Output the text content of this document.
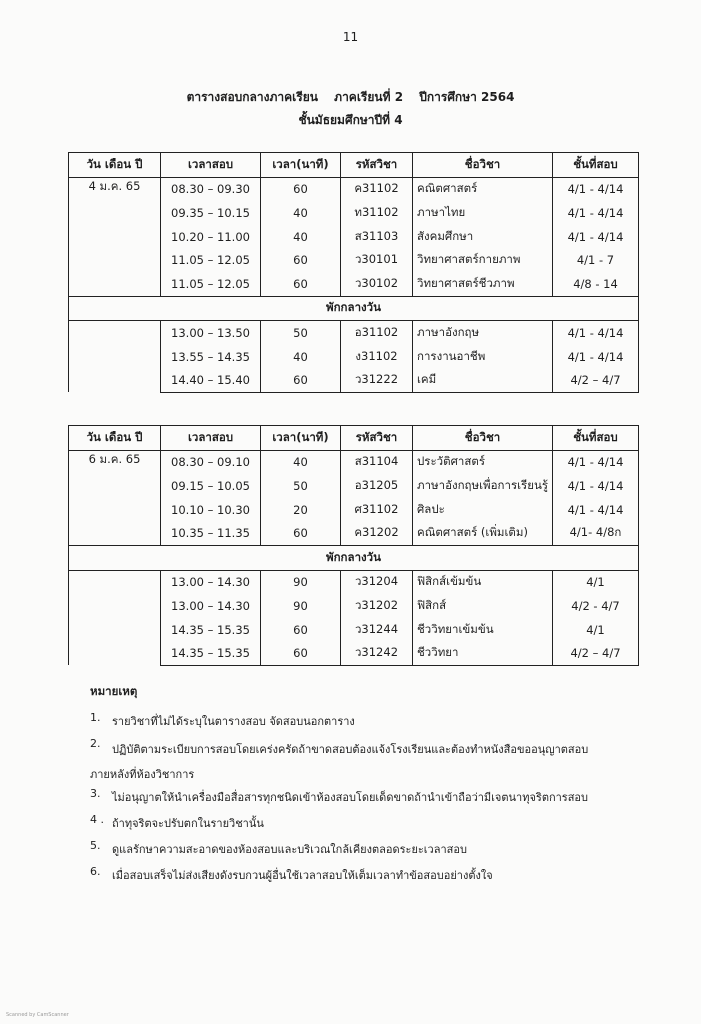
11
ตารางสอบกลางภาคเรียน ภาคเรียนที่ 2 ปีการศึกษา 2564
ชั้นมัธยมศึกษาปีที่ 4
วัน เดือน ปี	เวลาสอบ	เวลา(นาที)	รหัสวิชา	ชื่อวิชา	ชั้นที่สอบ
4 ม.ค. 65	08.30 – 09.30	60	ค31102	คณิตศาสตร์	4/1 - 4/14
	09.35 – 10.15	40	ท31102	ภาษาไทย	4/1 - 4/14
	10.20 – 11.00	40	ส31103	สังคมศึกษา	4/1 - 4/14
	11.05 – 12.05	60	ว30101	วิทยาศาสตร์กายภาพ	4/1 - 7
	11.05 – 12.05	60	ว30102	วิทยาศาสตร์ชีวภาพ	4/8 - 14
พักกลางวัน					
	13.00 – 13.50	50	อ31102	ภาษาอังกฤษ	4/1 - 4/14
	13.55 – 14.35	40	ง31102	การงานอาชีพ	4/1 - 4/14
	14.40 – 15.40	60	ว31222	เคมี	4/2 – 4/7
วัน เดือน ปี	เวลาสอบ	เวลา(นาที)	รหัสวิชา	ชื่อวิชา	ชั้นที่สอบ
6 ม.ค. 65	08.30 – 09.10	40	ส31104	ประวัติศาสตร์	4/1 - 4/14
	09.15 – 10.05	50	อ31205	ภาษาอังกฤษเพื่อการเรียนรู้	4/1 - 4/14
	10.10 – 10.30	20	ศ31102	ศิลปะ	4/1 - 4/14
	10.35 – 11.35	60	ค31202	คณิตศาสตร์ (เพิ่มเติม)	4/1- 4/8ก
พักกลางวัน					
	13.00 – 14.30	90	ว31204	ฟิสิกส์เข้มข้น	4/1
	13.00 – 14.30	90	ว31202	ฟิสิกส์	4/2 - 4/7
	14.35 – 15.35	60	ว31244	ชีววิทยาเข้มข้น	4/1
	14.35 – 15.35	60	ว31242	ชีววิทยา	4/2 – 4/7
หมายเหตุ
1.	รายวิชาที่ไม่ได้ระบุในตารางสอบ จัดสอบนอกตาราง
2.	ปฏิบัติตามระเบียบการสอบโดยเคร่งครัดถ้าขาดสอบต้องแจ้งโรงเรียนและต้องทำหนังสือขออนุญาตสอบ
ภายหลังที่ห้องวิชาการ
3.	ไม่อนุญาตให้นำเครื่องมือสื่อสารทุกชนิดเข้าห้องสอบโดยเด็ดขาดถ้านำเข้าถือว่ามีเจตนาทุจริตการสอบ
4 . ถ้าทุจริตจะปรับตกในรายวิชานั้น
5.	ดูแลรักษาความสะอาดของห้องสอบและบริเวณใกล้เคียงตลอดระยะเวลาสอบ
6.	เมื่อสอบเสร็จไม่ส่งเสียงดังรบกวนผู้อื่นใช้เวลาสอบให้เต็มเวลาทำข้อสอบอย่างตั้งใจ
Scanned by CamScanner
